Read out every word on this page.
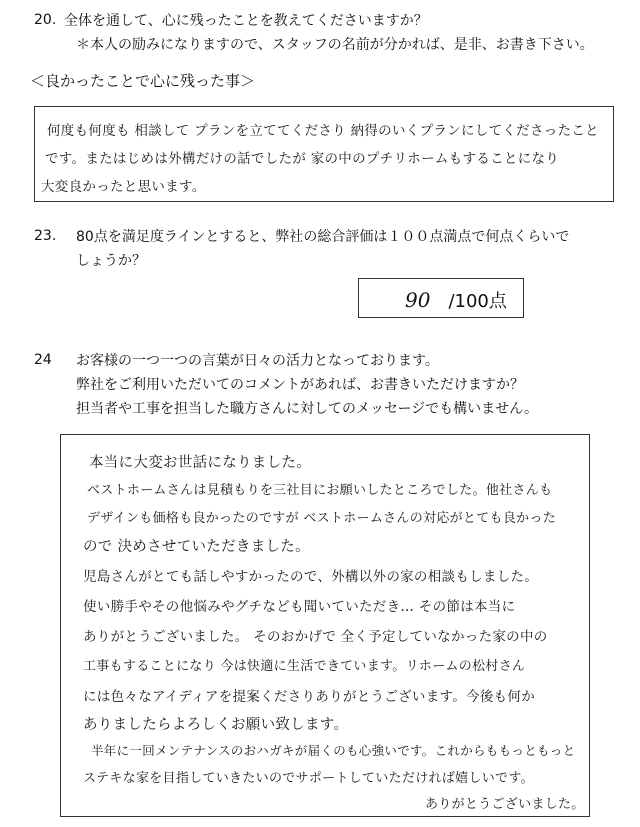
20. 全体を通して、心に残ったことを教えてくださいますか？
＊本人の励みになりますので、スタッフの名前が分かれば、是非、お書き下さい。
＜良かったことで心に残った事＞
何度も何度も 相談して プランを立ててくださり 納得のいくプランにしてくださったこと
です。またはじめは外構だけの話でしたが 家の中のプチリホームもすることになり
大変良かったと思います。
23. 80点を満足度ラインとすると、弊社の総合評価は１００点満点で何点くらいで
しょうか？
90 /100点
24 お客様の一つ一つの言葉が日々の活力となっております。
弊社をご利用いただいてのコメントがあれば、お書きいただけますか？
担当者や工事を担当した職方さんに対してのメッセージでも構いません。
本当に大変お世話になりました。
ベストホームさんは見積もりを三社目にお願いしたところでした。他社さんも
デザインも価格も良かったのですが ベストホームさんの対応がとても良かった
ので 決めさせていただきました。
児島さんがとても話しやすかったので、外構以外の家の相談もしました。
使い勝手やその他悩みやグチなども聞いていただき… その節は本当に
ありがとうございました。 そのおかげで 全く予定していなかった家の中の
工事もすることになり 今は快適に生活できています。リホームの松村さん
には色々なアイディアを提案くださりありがとうございます。今後も何か
ありましたらよろしくお願い致します。
半年に一回メンテナンスのおハガキが届くのも心強いです。これからももっともっと
ステキな家を目指していきたいのでサポートしていただければ嬉しいです。
ありがとうございました。
